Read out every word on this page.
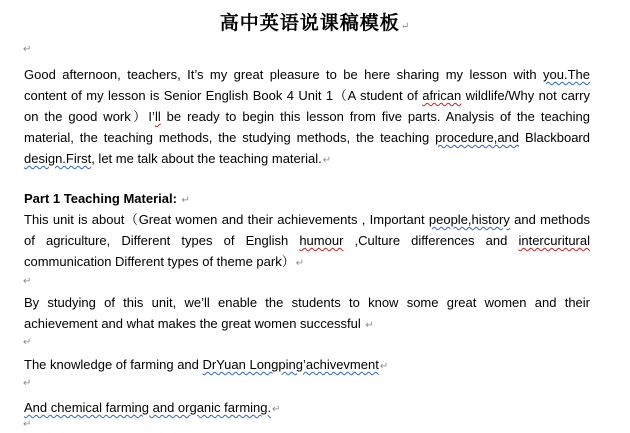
高中英语说课稿模板↵
↵
Good afternoon, teachers, It’s my great pleasure to be here sharing my lesson with you.The content of my lesson is Senior English Book 4 Unit 1（A student of african wildlife/Why not carry on the good work）I’ll be ready to begin this lesson from five parts. Analysis of the teaching material, the teaching methods, the studying methods, the teaching procedure,and Blackboard design.First, let me talk about the teaching material.↵
Part 1 Teaching Material: ↵
This unit is about（Great women and their achievements , Important people,history and methods of agriculture, Different types of English humour ,Culture differences and intercuritural communication Different types of theme park）↵
↵
By studying of this unit, we’ll enable the students to know some great women and their achievement and what makes the great women successful ↵
↵
The knowledge of farming and DrYuan Longping’achivevment↵
↵
And chemical farming and organic farming.↵
↵
